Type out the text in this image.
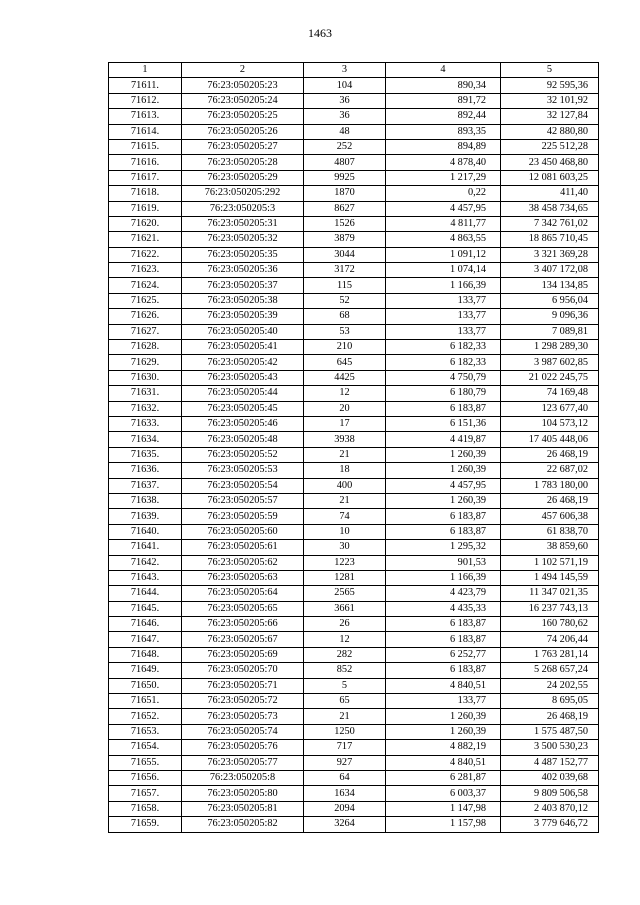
1463
1	2	3	4	5
71611.	76:23:050205:23	104	890,34	92 595,36
71612.	76:23:050205:24	36	891,72	32 101,92
71613.	76:23:050205:25	36	892,44	32 127,84
71614.	76:23:050205:26	48	893,35	42 880,80
71615.	76:23:050205:27	252	894,89	225 512,28
71616.	76:23:050205:28	4807	4 878,40	23 450 468,80
71617.	76:23:050205:29	9925	1 217,29	12 081 603,25
71618.	76:23:050205:292	1870	0,22	411,40
71619.	76:23:050205:3	8627	4 457,95	38 458 734,65
71620.	76:23:050205:31	1526	4 811,77	7 342 761,02
71621.	76:23:050205:32	3879	4 863,55	18 865 710,45
71622.	76:23:050205:35	3044	1 091,12	3 321 369,28
71623.	76:23:050205:36	3172	1 074,14	3 407 172,08
71624.	76:23:050205:37	115	1 166,39	134 134,85
71625.	76:23:050205:38	52	133,77	6 956,04
71626.	76:23:050205:39	68	133,77	9 096,36
71627.	76:23:050205:40	53	133,77	7 089,81
71628.	76:23:050205:41	210	6 182,33	1 298 289,30
71629.	76:23:050205:42	645	6 182,33	3 987 602,85
71630.	76:23:050205:43	4425	4 750,79	21 022 245,75
71631.	76:23:050205:44	12	6 180,79	74 169,48
71632.	76:23:050205:45	20	6 183,87	123 677,40
71633.	76:23:050205:46	17	6 151,36	104 573,12
71634.	76:23:050205:48	3938	4 419,87	17 405 448,06
71635.	76:23:050205:52	21	1 260,39	26 468,19
71636.	76:23:050205:53	18	1 260,39	22 687,02
71637.	76:23:050205:54	400	4 457,95	1 783 180,00
71638.	76:23:050205:57	21	1 260,39	26 468,19
71639.	76:23:050205:59	74	6 183,87	457 606,38
71640.	76:23:050205:60	10	6 183,87	61 838,70
71641.	76:23:050205:61	30	1 295,32	38 859,60
71642.	76:23:050205:62	1223	901,53	1 102 571,19
71643.	76:23:050205:63	1281	1 166,39	1 494 145,59
71644.	76:23:050205:64	2565	4 423,79	11 347 021,35
71645.	76:23:050205:65	3661	4 435,33	16 237 743,13
71646.	76:23:050205:66	26	6 183,87	160 780,62
71647.	76:23:050205:67	12	6 183,87	74 206,44
71648.	76:23:050205:69	282	6 252,77	1 763 281,14
71649.	76:23:050205:70	852	6 183,87	5 268 657,24
71650.	76:23:050205:71	5	4 840,51	24 202,55
71651.	76:23:050205:72	65	133,77	8 695,05
71652.	76:23:050205:73	21	1 260,39	26 468,19
71653.	76:23:050205:74	1250	1 260,39	1 575 487,50
71654.	76:23:050205:76	717	4 882,19	3 500 530,23
71655.	76:23:050205:77	927	4 840,51	4 487 152,77
71656.	76:23:050205:8	64	6 281,87	402 039,68
71657.	76:23:050205:80	1634	6 003,37	9 809 506,58
71658.	76:23:050205:81	2094	1 147,98	2 403 870,12
71659.	76:23:050205:82	3264	1 157,98	3 779 646,72
